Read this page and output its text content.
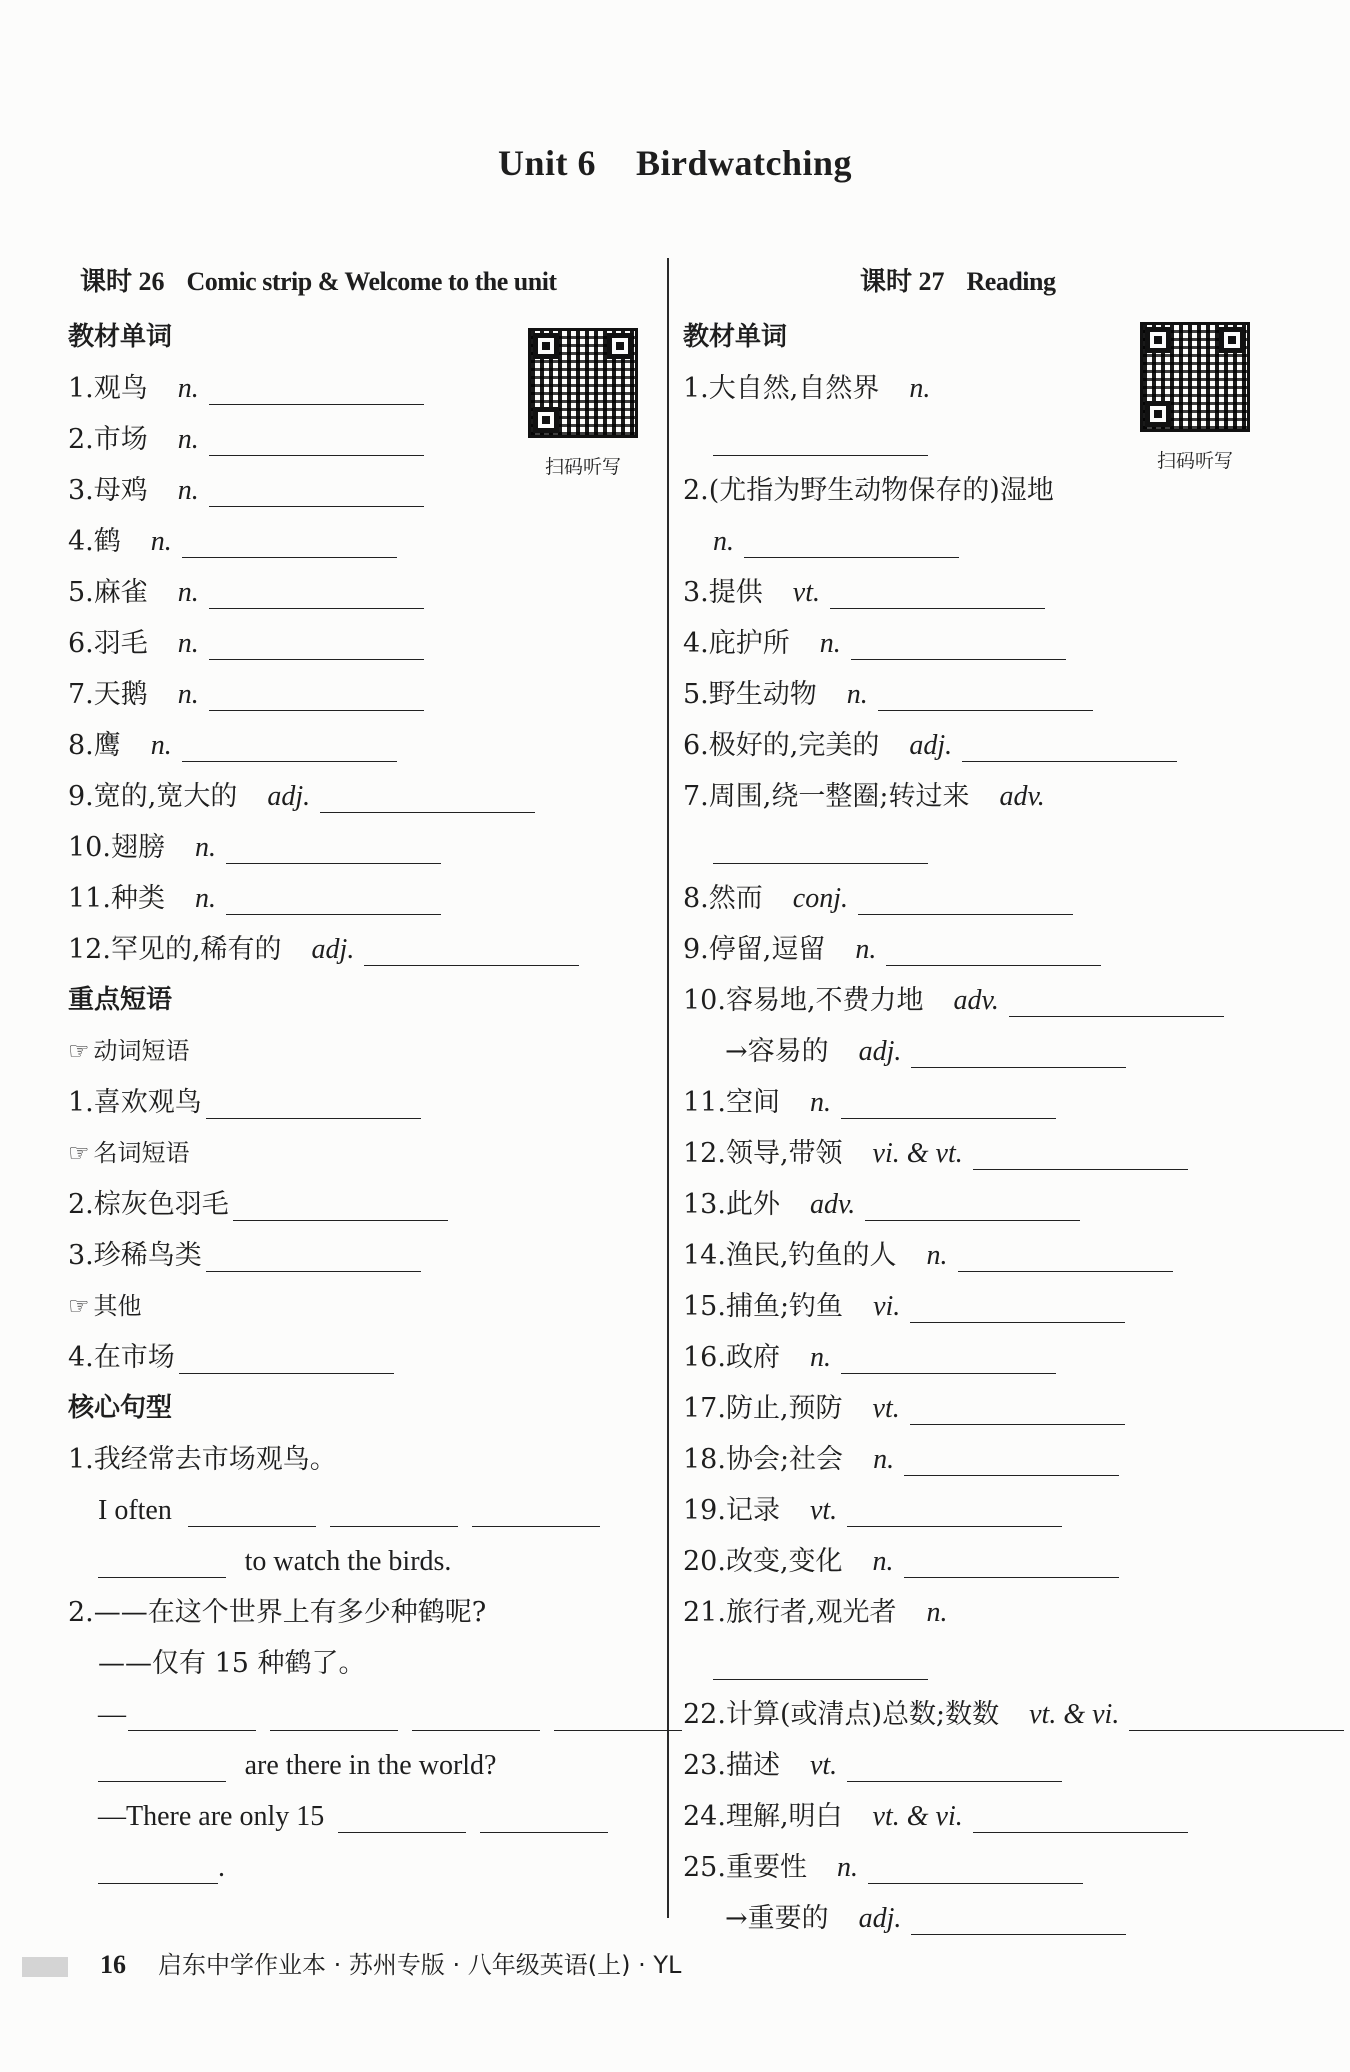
Unit 6 Birdwatching
课时 26 Comic strip & Welcome to the unit
教材单词
1.观鸟 n.
2.市场 n.
3.母鸡 n.
4.鹤 n.
5.麻雀 n.
6.羽毛 n.
7.天鹅 n.
8.鹰 n.
9.宽的,宽大的 adj.
10.翅膀 n.
11.种类 n.
12.罕见的,稀有的 adj.
重点短语
☞ 动词短语
1.喜欢观鸟
☞ 名词短语
2.棕灰色羽毛
3.珍稀鸟类
☞ 其他
4.在市场
核心句型
1.我经常去市场观鸟。
I often
to watch the birds.
2.——在这个世界上有多少种鹤呢?
——仅有 15 种鹤了。
—
are there in the world?
—There are only 15
.
扫码听写
课时 27 Reading
教材单词
1.大自然,自然界 n.
2.(尤指为野生动物保存的)湿地
n.
3.提供 vt.
4.庇护所 n.
5.野生动物 n.
6.极好的,完美的 adj.
7.周围,绕一整圈;转过来 adv.
8.然而 conj.
9.停留,逗留 n.
10.容易地,不费力地 adv.
→容易的 adj.
11.空间 n.
12.领导,带领 vi. & vt.
13.此外 adv.
14.渔民,钓鱼的人 n.
15.捕鱼;钓鱼 vi.
16.政府 n.
17.防止,预防 vt.
18.协会;社会 n.
19.记录 vt.
20.改变,变化 n.
21.旅行者,观光者 n.
22.计算(或清点)总数;数数 vt. & vi.
23.描述 vt.
24.理解,明白 vt. & vi.
25.重要性 n.
→重要的 adj.
扫码听写
16 启东中学作业本 · 苏州专版 · 八年级英语(上) · YL
